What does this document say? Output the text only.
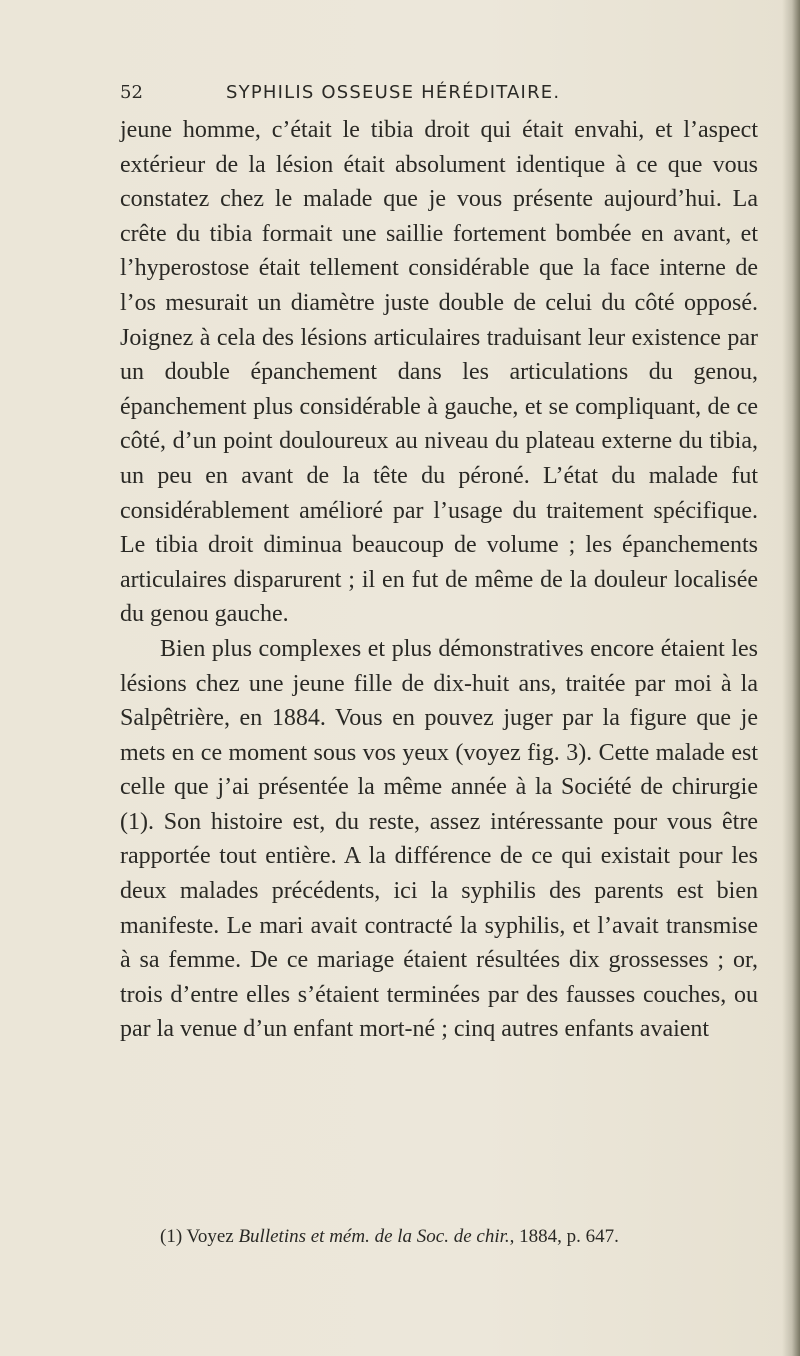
52	SYPHILIS OSSEUSE HÉRÉDITAIRE.

jeune homme, c’était le tibia droit qui était envahi, et l’aspect extérieur de la lésion était absolument identique à ce que vous constatez chez le malade que je vous présente aujourd’hui. La crête du tibia formait une saillie fortement bombée en avant, et l’hyperostose était tellement considérable que la face interne de l’os mesurait un diamètre juste double de celui du côté opposé. Joignez à cela des lésions articulaires traduisant leur existence par un double épanchement dans les articulations du genou, épanchement plus considérable à gauche, et se compliquant, de ce côté, d’un point douloureux au niveau du plateau externe du tibia, un peu en avant de la tête du péroné. L’état du malade fut considérablement amélioré par l’usage du traitement spécifique. Le tibia droit diminua beaucoup de volume ; les épanchements articulaires disparurent ; il en fut de même de la douleur localisée du genou gauche.

Bien plus complexes et plus démonstratives encore étaient les lésions chez une jeune fille de dix-huit ans, traitée par moi à la Salpêtrière, en 1884. Vous en pouvez juger par la figure que je mets en ce moment sous vos yeux (voyez fig. 3). Cette malade est celle que j’ai présentée la même année à la Société de chirurgie (1). Son histoire est, du reste, assez intéressante pour vous être rapportée tout entière. A la différence de ce qui existait pour les deux malades précédents, ici la syphilis des parents est bien manifeste. Le mari avait contracté la syphilis, et l’avait transmise à sa femme. De ce mariage étaient résultées dix grossesses ; or, trois d’entre elles s’étaient terminées par des fausses couches, ou par la venue d’un enfant mort-né ; cinq autres enfants avaient

(1) Voyez Bulletins et mém. de la Soc. de chir., 1884, p. 647.
